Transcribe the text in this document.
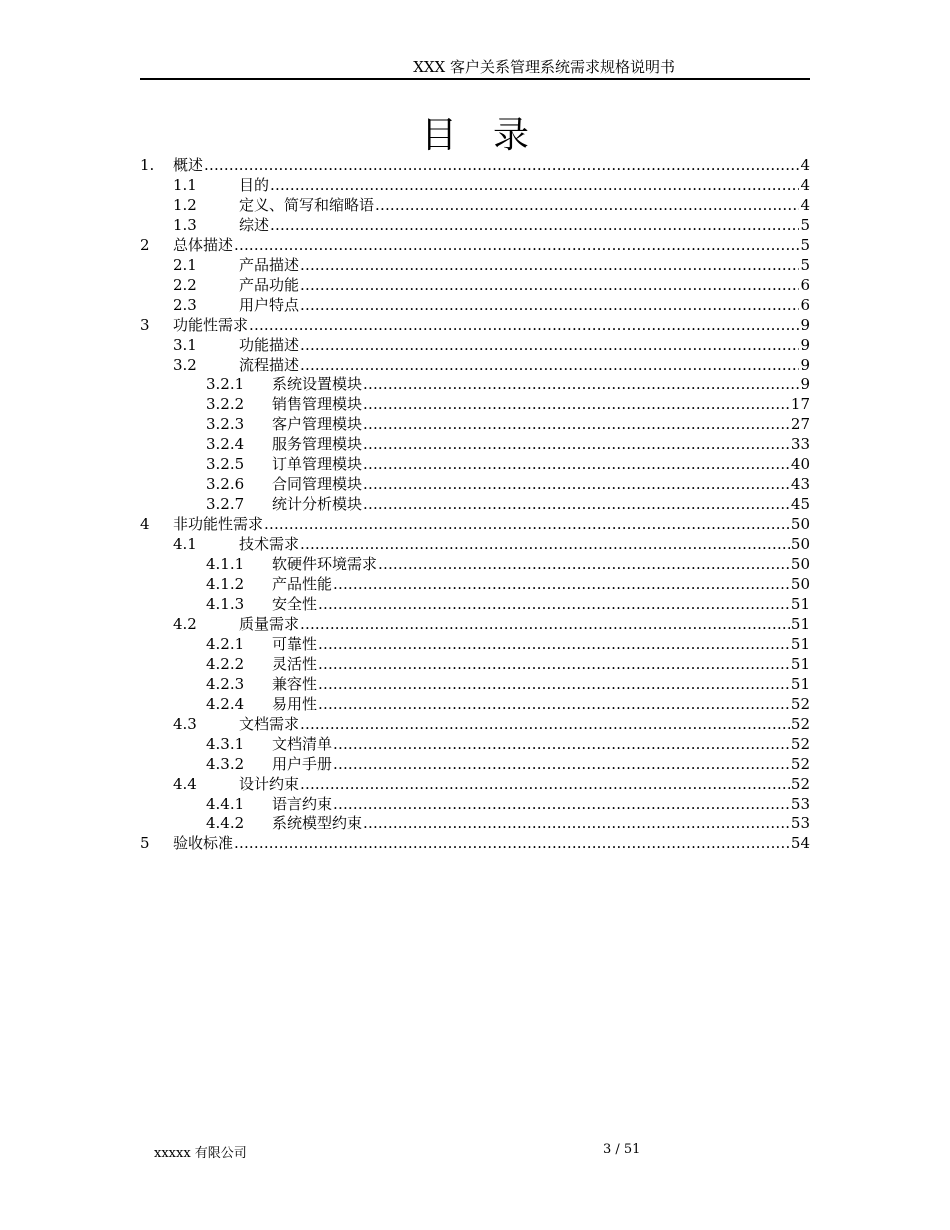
XXX 客户关系管理系统需求规格说明书
目 录
1.	概述 .....	4
1.1	目的 .....	4
1.2	定义、简写和缩略语 .....	4
1.3	综述 .....	5
2	总体描述 .....	5
2.1	产品描述 .....	5
2.2	产品功能 .....	6
2.3	用户特点 .....	6
3	功能性需求 .....	9
3.1	功能描述 .....	9
3.2	流程描述 .....	9
3.2.1	系统设置模块 .....	9
3.2.2	销售管理模块 .....	17
3.2.3	客户管理模块 .....	27
3.2.4	服务管理模块 .....	33
3.2.5	订单管理模块 .....	40
3.2.6	合同管理模块 .....	43
3.2.7	统计分析模块 .....	45
4	非功能性需求 .....	50
4.1	技术需求 .....	50
4.1.1	软硬件环境需求 .....	50
4.1.2	产品性能 .....	50
4.1.3	安全性 .....	51
4.2	质量需求 .....	51
4.2.1	可靠性 .....	51
4.2.2	灵活性 .....	51
4.2.3	兼容性 .....	51
4.2.4	易用性 .....	52
4.3	文档需求 .....	52
4.3.1	文档清单 .....	52
4.3.2	用户手册 .....	52
4.4	设计约束 .....	52
4.4.1	语言约束 .....	53
4.4.2	系统模型约束 .....	53
5	验收标准 .....	54
xxxxx 有限公司	3 / 51
